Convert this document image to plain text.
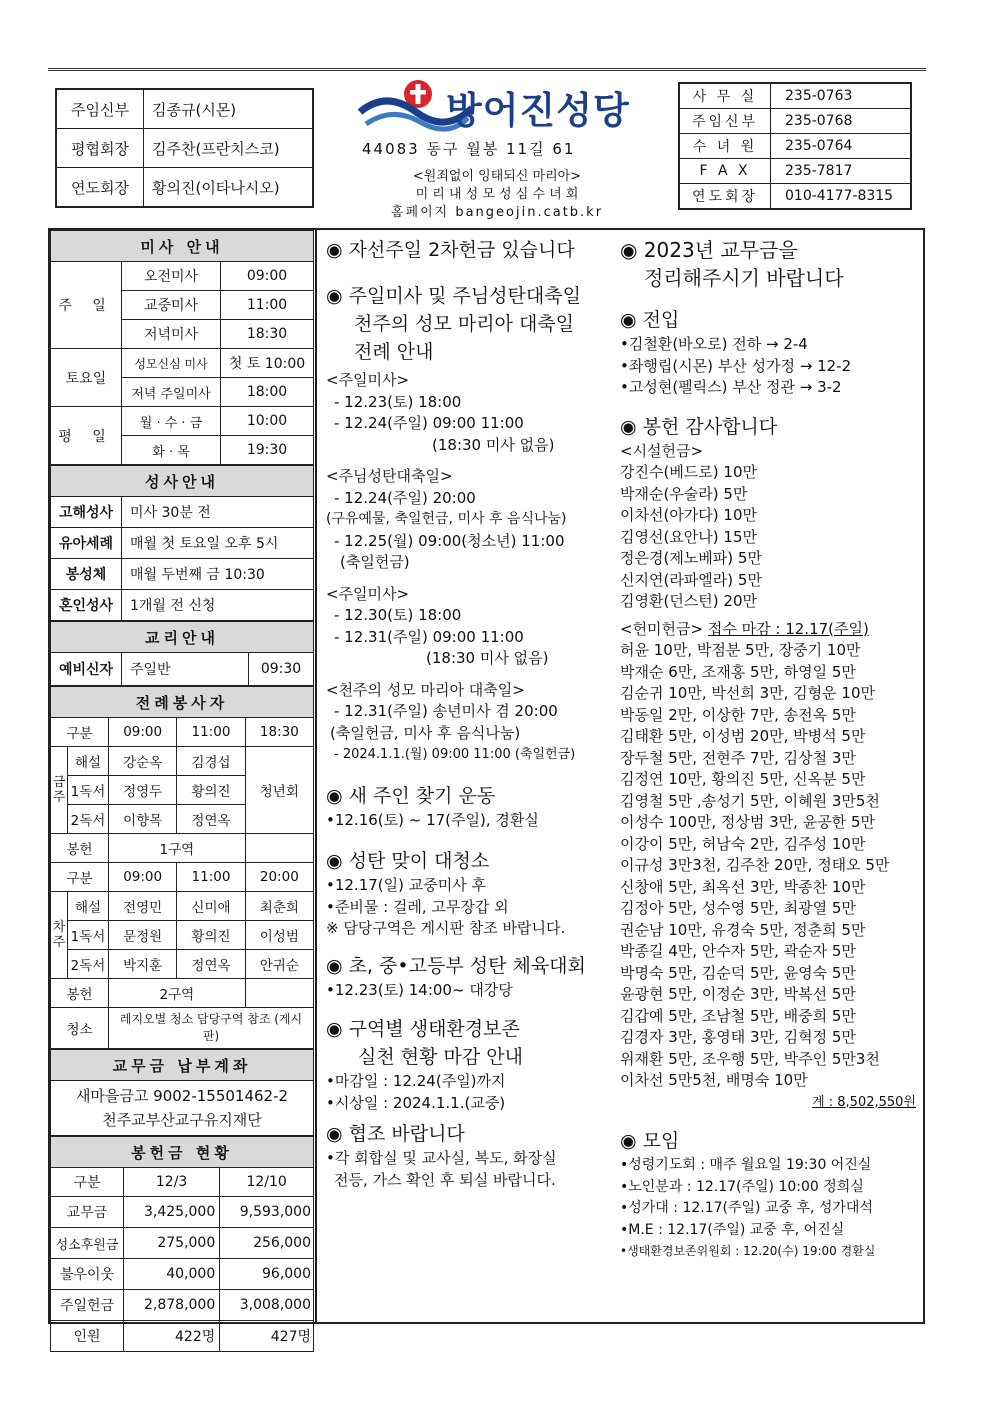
주임신부	김종규(시몬)
평협회장	김주찬(프란치스코)
연도회장	황의진(이타나시오)
방어진성당
44083 동구 월봉 11길 61
<원죄없이 잉태되신 마리아>
미 리 내 성 모 성 심 수 녀 회
홈페이지 bangeojin.catb.kr
사 무 실	235-0763
주임신부	235-0768
수 녀 원	235-0764
F A X	235-7817
연도회장	010-4177-8315
미사 안내		
주 일	오전미사	09:00
	교중미사	11:00
	저녁미사	18:30
토요일	성모신심 미사	첫 토 10:00
	저녁 주일미사	18:00
평 일	월 · 수 · 금	10:00
	화 · 목	19:30
성사안내	
고해성사	미사 30분 전
유아세례	매월 첫 토요일 오후 5시
봉성체	매월 두번째 금 10:30
혼인성사	1개월 전 신청
교리안내
예비신자	주일반	09:30
전례봉사자				
구분		09:00	11:00	18:30
금주	해설	강순옥	김경섭	청년회
	1독서	정영두	황의진	
	2독서	이향목	정연옥	
봉헌		1구역		
구분		09:00	11:00	20:00
차주	해설	전영민	신미애	최춘희
	1독서	문정원	황의진	이성범
	2독서	박지훈	정연옥	안귀순
봉헌		2구역		
청소		레지오별 청소 담당구역 참조 (게시판)		
교무금 납부계좌

새마을금고 9002-15501462-2
천주교부산교구유지재단
봉헌금 현황		
구분	12/3	12/10
교무금	3,425,000	9,593,000
성소후원금	275,000	256,000
불우이웃	40,000	96,000
주일헌금	2,878,000	3,008,000
인원	422명	427명
◉ 자선주일 2차헌금 있습니다
◉ 주일미사 및 주님성탄대축일
천주의 성모 마리아 대축일
전례 안내
<주일미사>
- 12.23(토) 18:00
- 12.24(주일) 09:00 11:00
(18:30 미사 없음)
<주님성탄대축일>
- 12.24(주일) 20:00
(구유예물, 축일헌금, 미사 후 음식나눔)
- 12.25(월) 09:00(청소년) 11:00
(축일헌금)
<주일미사>
- 12.30(토) 18:00
- 12.31(주일) 09:00 11:00
(18:30 미사 없음)
<천주의 성모 마리아 대축일>
- 12.31(주일) 송년미사 겸 20:00
(축일헌금, 미사 후 음식나눔)
- 2024.1.1.(월) 09:00 11:00 (축일헌금)
◉ 새 주인 찾기 운동
•12.16(토) ~ 17(주일), 경환실
◉ 성탄 맞이 대청소
•12.17(일) 교중미사 후
•준비물 : 걸레, 고무장갑 외
※ 담당구역은 게시판 참조 바랍니다.
◉ 초, 중•고등부 성탄 체육대회
•12.23(토) 14:00~ 대강당
◉ 구역별 생태환경보존
실천 현황 마감 안내
•마감일 : 12.24(주일)까지
•시상일 : 2024.1.1.(교중)
◉ 협조 바랍니다
•각 회합실 및 교사실, 복도, 화장실
전등, 가스 확인 후 퇴실 바랍니다.
◉ 2023년 교무금을
정리해주시기 바랍니다
◉ 전입
•김철환(바오로) 전하 → 2-4
•좌행립(시몬) 부산 성가정 → 12-2
•고성현(펠릭스) 부산 정관 → 3-2
◉ 봉헌 감사합니다
<시설헌금>
강진수(베드로) 10만
박재순(우술라) 5만
이차선(아가다) 10만
김영선(요안나) 15만
정은경(제노베파) 5만
신지연(라파엘라) 5만
김영환(던스턴) 20만
<헌미헌금> 접수 마감 : 12.17(주일)
허윤 10만, 박점분 5만, 장중기 10만
박재순 6만, 조재홍 5만, 하영일 5만
김순귀 10만, 박선희 3만, 김형운 10만
박동일 2만, 이상한 7만, 송전옥 5만
김태환 5만, 이성범 20만, 박병석 5만
장두철 5만, 전현주 7만, 김상철 3만
김정연 10만, 황의진 5만, 신옥분 5만
김영철 5만 ,송성기 5만, 이혜원 3만5천
이성수 100만, 정상범 3만, 윤공한 5만
이강이 5만, 허남숙 2만, 김주성 10만
이규성 3만3천, 김주찬 20만, 정태오 5만
신창애 5만, 최옥선 3만, 박종찬 10만
김정아 5만, 성수영 5만, 최광열 5만
권순남 10만, 유경숙 5만, 정춘희 5만
박종길 4만, 안수자 5만, 곽순자 5만
박명숙 5만, 김순덕 5만, 윤영숙 5만
윤광현 5만, 이정순 3만, 박복선 5만
김갑예 5만, 조남철 5만, 배중희 5만
김경자 3만, 홍영태 3만, 김혁정 5만
위재환 5만, 조우행 5만, 박주인 5만3천
이차선 5만5천, 배명숙 10만
계 : 8,502,550원
◉ 모임
•성령기도회 : 매주 월요일 19:30 어진실
•노인분과 : 12.17(주일) 10:00 정희실
•성가대 : 12.17(주일) 교중 후, 성가대석
•M.E : 12.17(주일) 교중 후, 어진실
•생태환경보존위원회 : 12.20(수) 19:00 경환실
